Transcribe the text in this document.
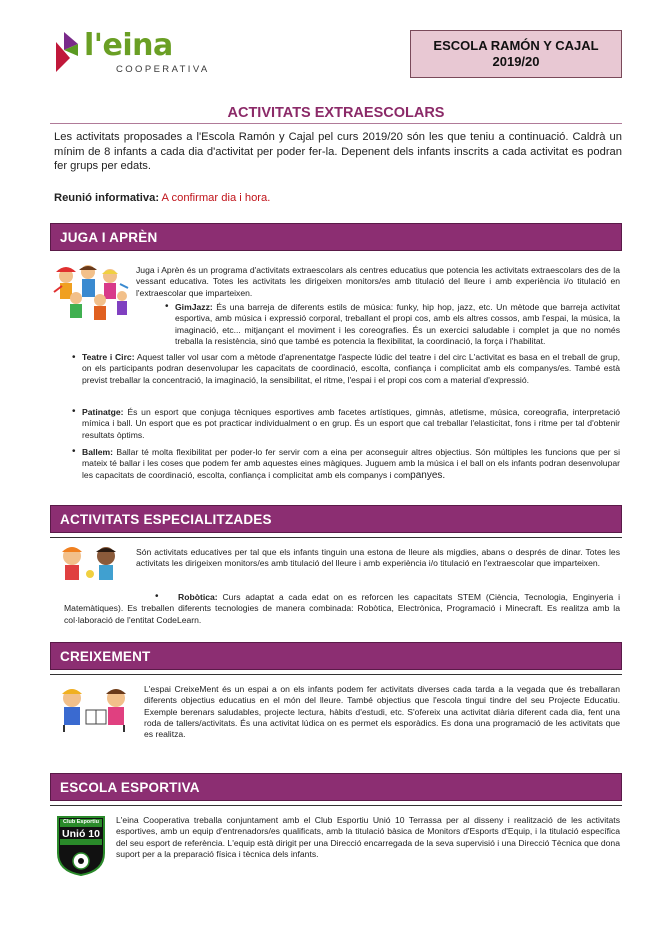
l'eina
COOPERATIVA
ESCOLA RAMÓN Y CAJAL
2019/20
ACTIVITATS EXTRAESCOLARS
Les activitats proposades a l'Escola Ramón y Cajal pel curs 2019/20 són les que teniu a continuació. Caldrà un mínim de 8 infants a cada dia d'activitat per poder fer-la. Depenent dels infants inscrits a cada activitat es podran fer grups per edats.
Reunió informativa: A confirmar dia i hora.
JUGA I APRÈN
Juga i Aprèn és un programa d'activitats extraescolars als centres educatius que potencia les activitats extraescolars des de la vessant educativa. Totes les activitats les dirigeixen monitors/es amb titulació del lleure i amb experiència i/o titulació en l'extraescolar que imparteixen.
• GimJazz: És una barreja de diferents estils de música: funky, hip hop, jazz, etc. Un mètode que barreja activitat esportiva, amb música i expressió corporal, treballant el propi cos, amb els altres cossos, amb l'espai, la música, la imaginació, etc... mitjançant el moviment i les coreografies. És un exercici saludable i complet ja que no només treballa la resistència, sinó que també es potencia la flexibilitat, la coordinació, la força i l'habilitat.
• Teatre i Circ: Aquest taller vol usar com a mètode d'aprenentatge l'aspecte lúdic del teatre i del circ L'activitat es basa en el treball de grup, on els participants podran desenvolupar les capacitats de coordinació, escolta, confiança i complicitat amb els companys/es. També està previst treballar la concentració, la imaginació, la sensibilitat, el ritme, l'espai i el propi cos com a material d'expressió.
• Patinatge: És un esport que conjuga tècniques esportives amb facetes artístiques, gimnàs, atletisme, música, coreografia, interpretació mímica i ball. Un esport que es pot practicar individualment o en grup. És un esport que cal treballar l'elasticitat, fons i ritme per tal d'obtenir resultats òptims.
• Ballem: Ballar té molta flexibilitat per poder-lo fer servir com a eina per aconseguir altres objectius. Són múltiples les funcions que per si mateix té ballar i les coses que podem fer amb aquestes eines màgiques. Juguem amb la música i el ball on els infants podran desenvolupar les capacitats de coordinació, escolta, confiança i complicitat amb els companys i companyes.
ACTIVITATS ESPECIALITZADES
Són activitats educatives per tal que els infants tinguin una estona de lleure als migdies, abans o després de dinar. Totes les activitats les dirigeixen monitors/es amb titulació del lleure i amb experiència i/o titulació en l'extraescolar que imparteixen.
•	Robòtica: Curs adaptat a cada edat on es reforcen les capacitats STEM (Ciència, Tecnologia, Enginyeria i Matemàtiques). Es treballen diferents tecnologies de manera combinada: Robòtica, Electrònica, Programació i Minecraft. Es realitza amb la col·laboració de l'entitat CodeLearn.
CREIXEMENT
L'espai CreixeMent és un espai a on els infants podem fer activitats diverses cada tarda a la vegada que és treballaran diferents objectius educatius en el món del lleure. També objectius que l'escola tingui tindre del seu Projecte Educatiu. Exemple berenars saludables, projecte lectura, hàbits d'estudi, etc. S'ofereix una activitat diària diferent cada dia, fent una roda de tallers/activitats. És una activitat lúdica on es permet els esporàdics. Es dona una programació de les activitats que es realitza.
ESCOLA ESPORTIVA
Club Esportiu
Unió 10
L'eina Cooperativa treballa conjuntament amb el Club Esportiu Unió 10 Terrassa per al disseny i realització de les activitats esportives, amb un equip d'entrenadors/es qualificats, amb la titulació bàsica de Monitors d'Esports d'Equip, i la titulació específica del seu esport de referència. L'equip està dirigit per una Direcció encarregada de la seva supervisió i una Direcció Tècnica que dona suport per a la preparació física i tècnica dels infants.
